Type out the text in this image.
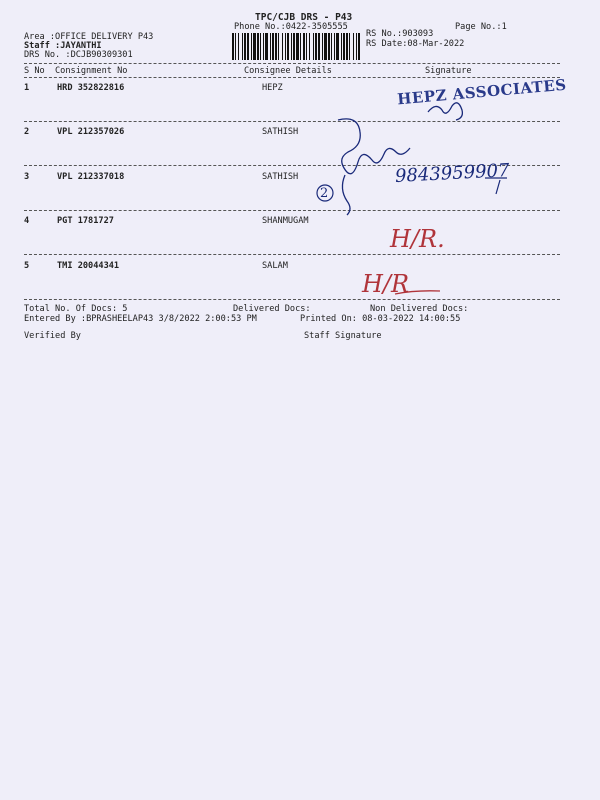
TPC/CJB DRS - P43
Phone No.:0422-3505555	Page No.:1
Area :OFFICE DELIVERY P43
Staff :JAYANTHI
DRS No. :DCJB90309301
RS No.:903093
RS Date:08-Mar-2022
S No Consignment No	Consignee Details	Signature
1	HRD 352822816	HEPZ
2	VPL 212357026	SATHISH
3	VPL 212337018	SATHISH
4	PGT 1781727	SHANMUGAM
5	TMI 20044341	SALAM
Total No. Of Docs: 5	Delivered Docs:	Non Delivered Docs:
Entered By :BPRASHEELAP43 3/8/2022 2:00:53 PM	Printed On: 08-03-2022 14:00:55
Verified By	Staff Signature
HEPZ ASSOCIATES
9843959907
2
H/R.
H/R
